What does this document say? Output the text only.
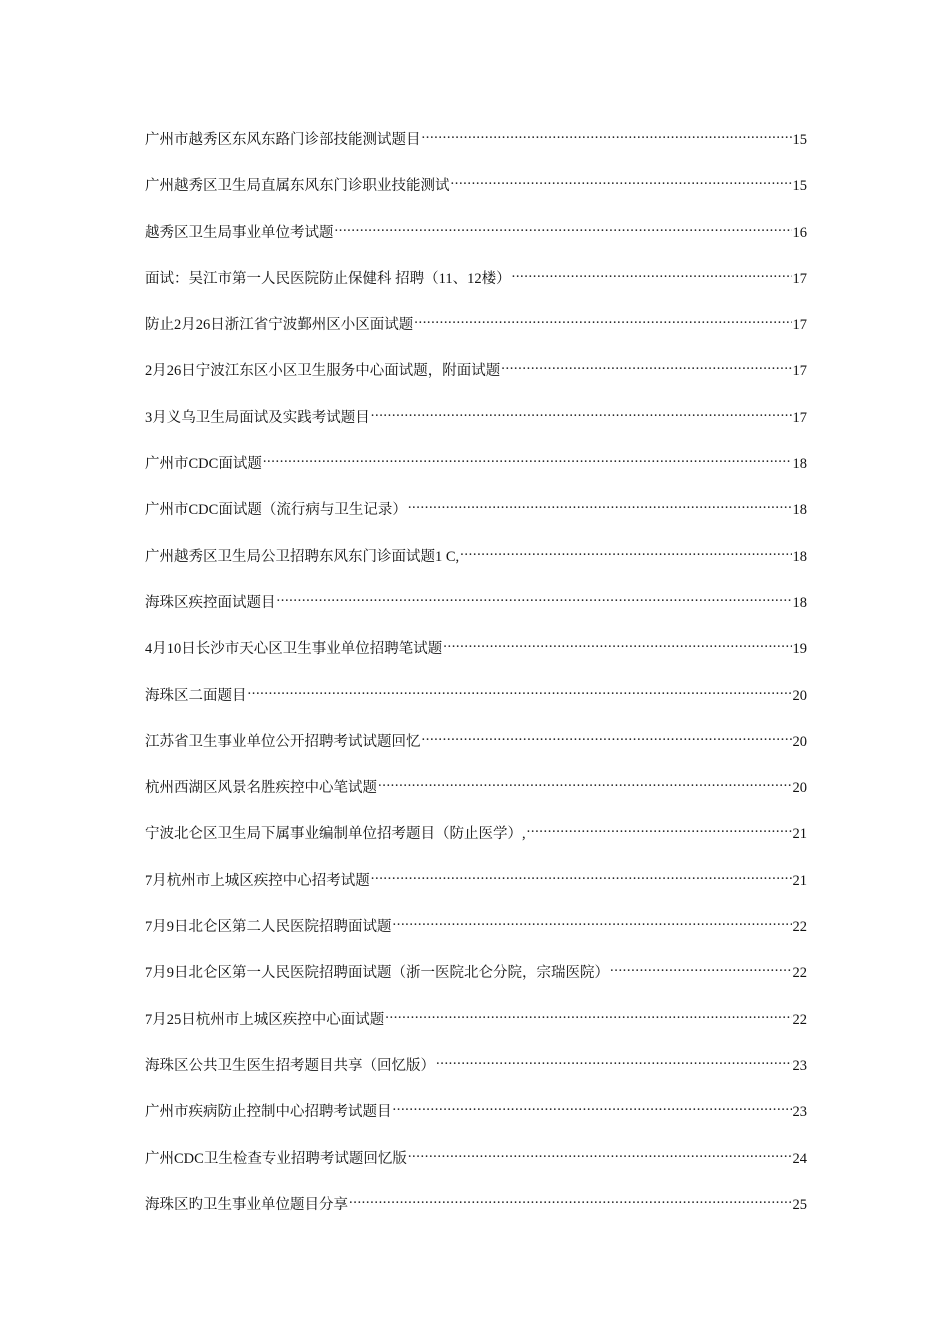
广州市越秀区东风东路门诊部技能测试题目 .....	15
广州越秀区卫生局直属东风东门诊职业技能测试 .....	15
越秀区卫生局事业单位考试题 .....	16
面试：吴江市第一人民医院防止保健科 招聘（11、12楼） .....	17
防止2月26日浙江省宁波鄞州区小区面试题 .....	17
2月26日宁波江东区小区卫生服务中心面试题，附面试题 .....	17
3月义乌卫生局面试及实践考试题目 .....	17
广州市CDC面试题 .....	18
广州市CDC面试题（流行病与卫生记录） .....	18
广州越秀区卫生局公卫招聘东风东门诊面试题1 C, .....	18
海珠区疾控面试题目 .....	18
4月10日长沙市天心区卫生事业单位招聘笔试题 .....	19
海珠区二面题目 .....	20
江苏省卫生事业单位公开招聘考试试题回忆 .....	20
杭州西湖区风景名胜疾控中心笔试题 .....	20
宁波北仑区卫生局下属事业编制单位招考题目（防止医学）, .....	21
7月杭州市上城区疾控中心招考试题 .....	21
7月9日北仑区第二人民医院招聘面试题 .....	22
7月9日北仑区第一人民医院招聘面试题（浙一医院北仑分院，宗瑞医院） .....	22
7月25日杭州市上城区疾控中心面试题 .....	22
海珠区公共卫生医生招考题目共享（回忆版） .....	23
广州市疾病防止控制中心招聘考试题目 .....	23
广州CDC卫生检查专业招聘考试题回忆版 .....	24
海珠区旳卫生事业单位题目分享 .....	25
